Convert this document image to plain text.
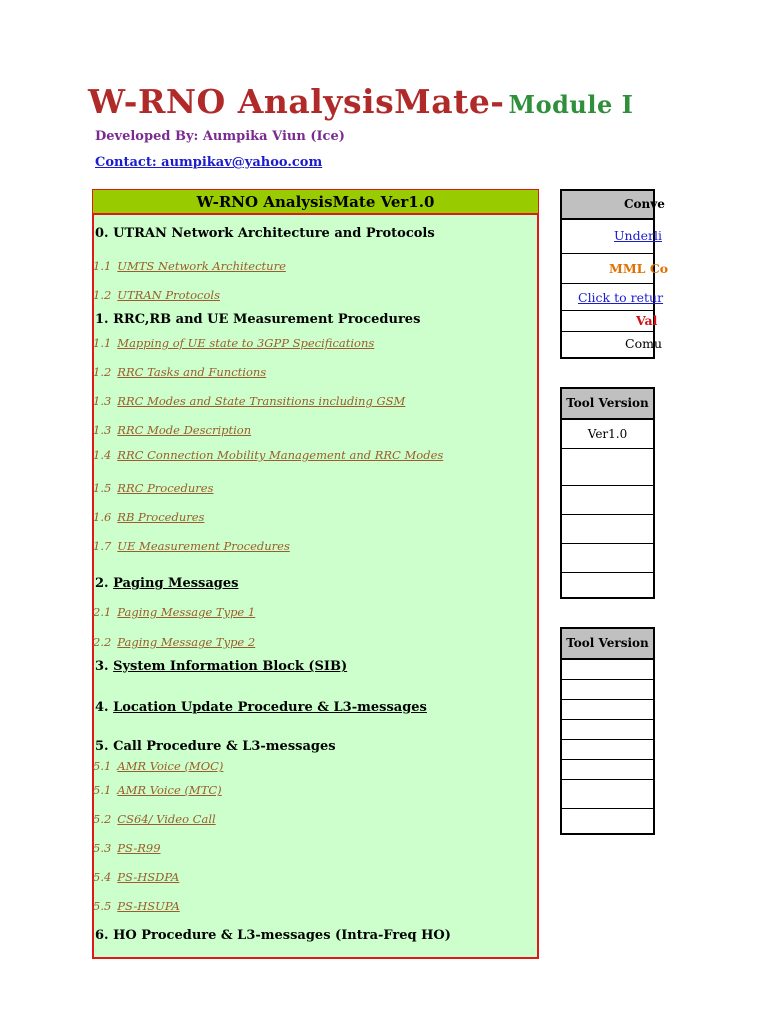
W-RNO AnalysisMate- Module I
Developed By: Aumpika Viun (Ice)
Contact: aumpikav@yahoo.com
W-RNO AnalysisMate Ver1.0
0. UTRAN Network Architecture and Protocols
1.1 UMTS Network Architecture
1.2 UTRAN Protocols
1. RRC,RB and UE Measurement Procedures
1.1 Mapping of UE state to 3GPP Specifications
1.2 RRC Tasks and Functions
1.3 RRC Modes and State Transitions including GSM
1.3 RRC Mode Description
1.4 RRC Connection Mobility Management and RRC Modes
1.5 RRC Procedures
1.6 RB Procedures
1.7 UE Measurement Procedures
2. Paging Messages
2.1 Paging Message Type 1
2.2 Paging Message Type 2
3. System Information Block (SIB)
4. Location Update Procedure & L3-messages
5. Call Procedure & L3-messages
5.1 AMR Voice (MOC)
5.1 AMR Voice (MTC)
5.2 CS64/ Video Call
5.3 PS-R99
5.4 PS-HSDPA
5.5 PS-HSUPA
6. HO Procedure & L3-messages (Intra-Freq HO)
Conve
Underli
MML Co
Click to retur
Val
Comu
Tool Version
Ver1.0
Tool Version
